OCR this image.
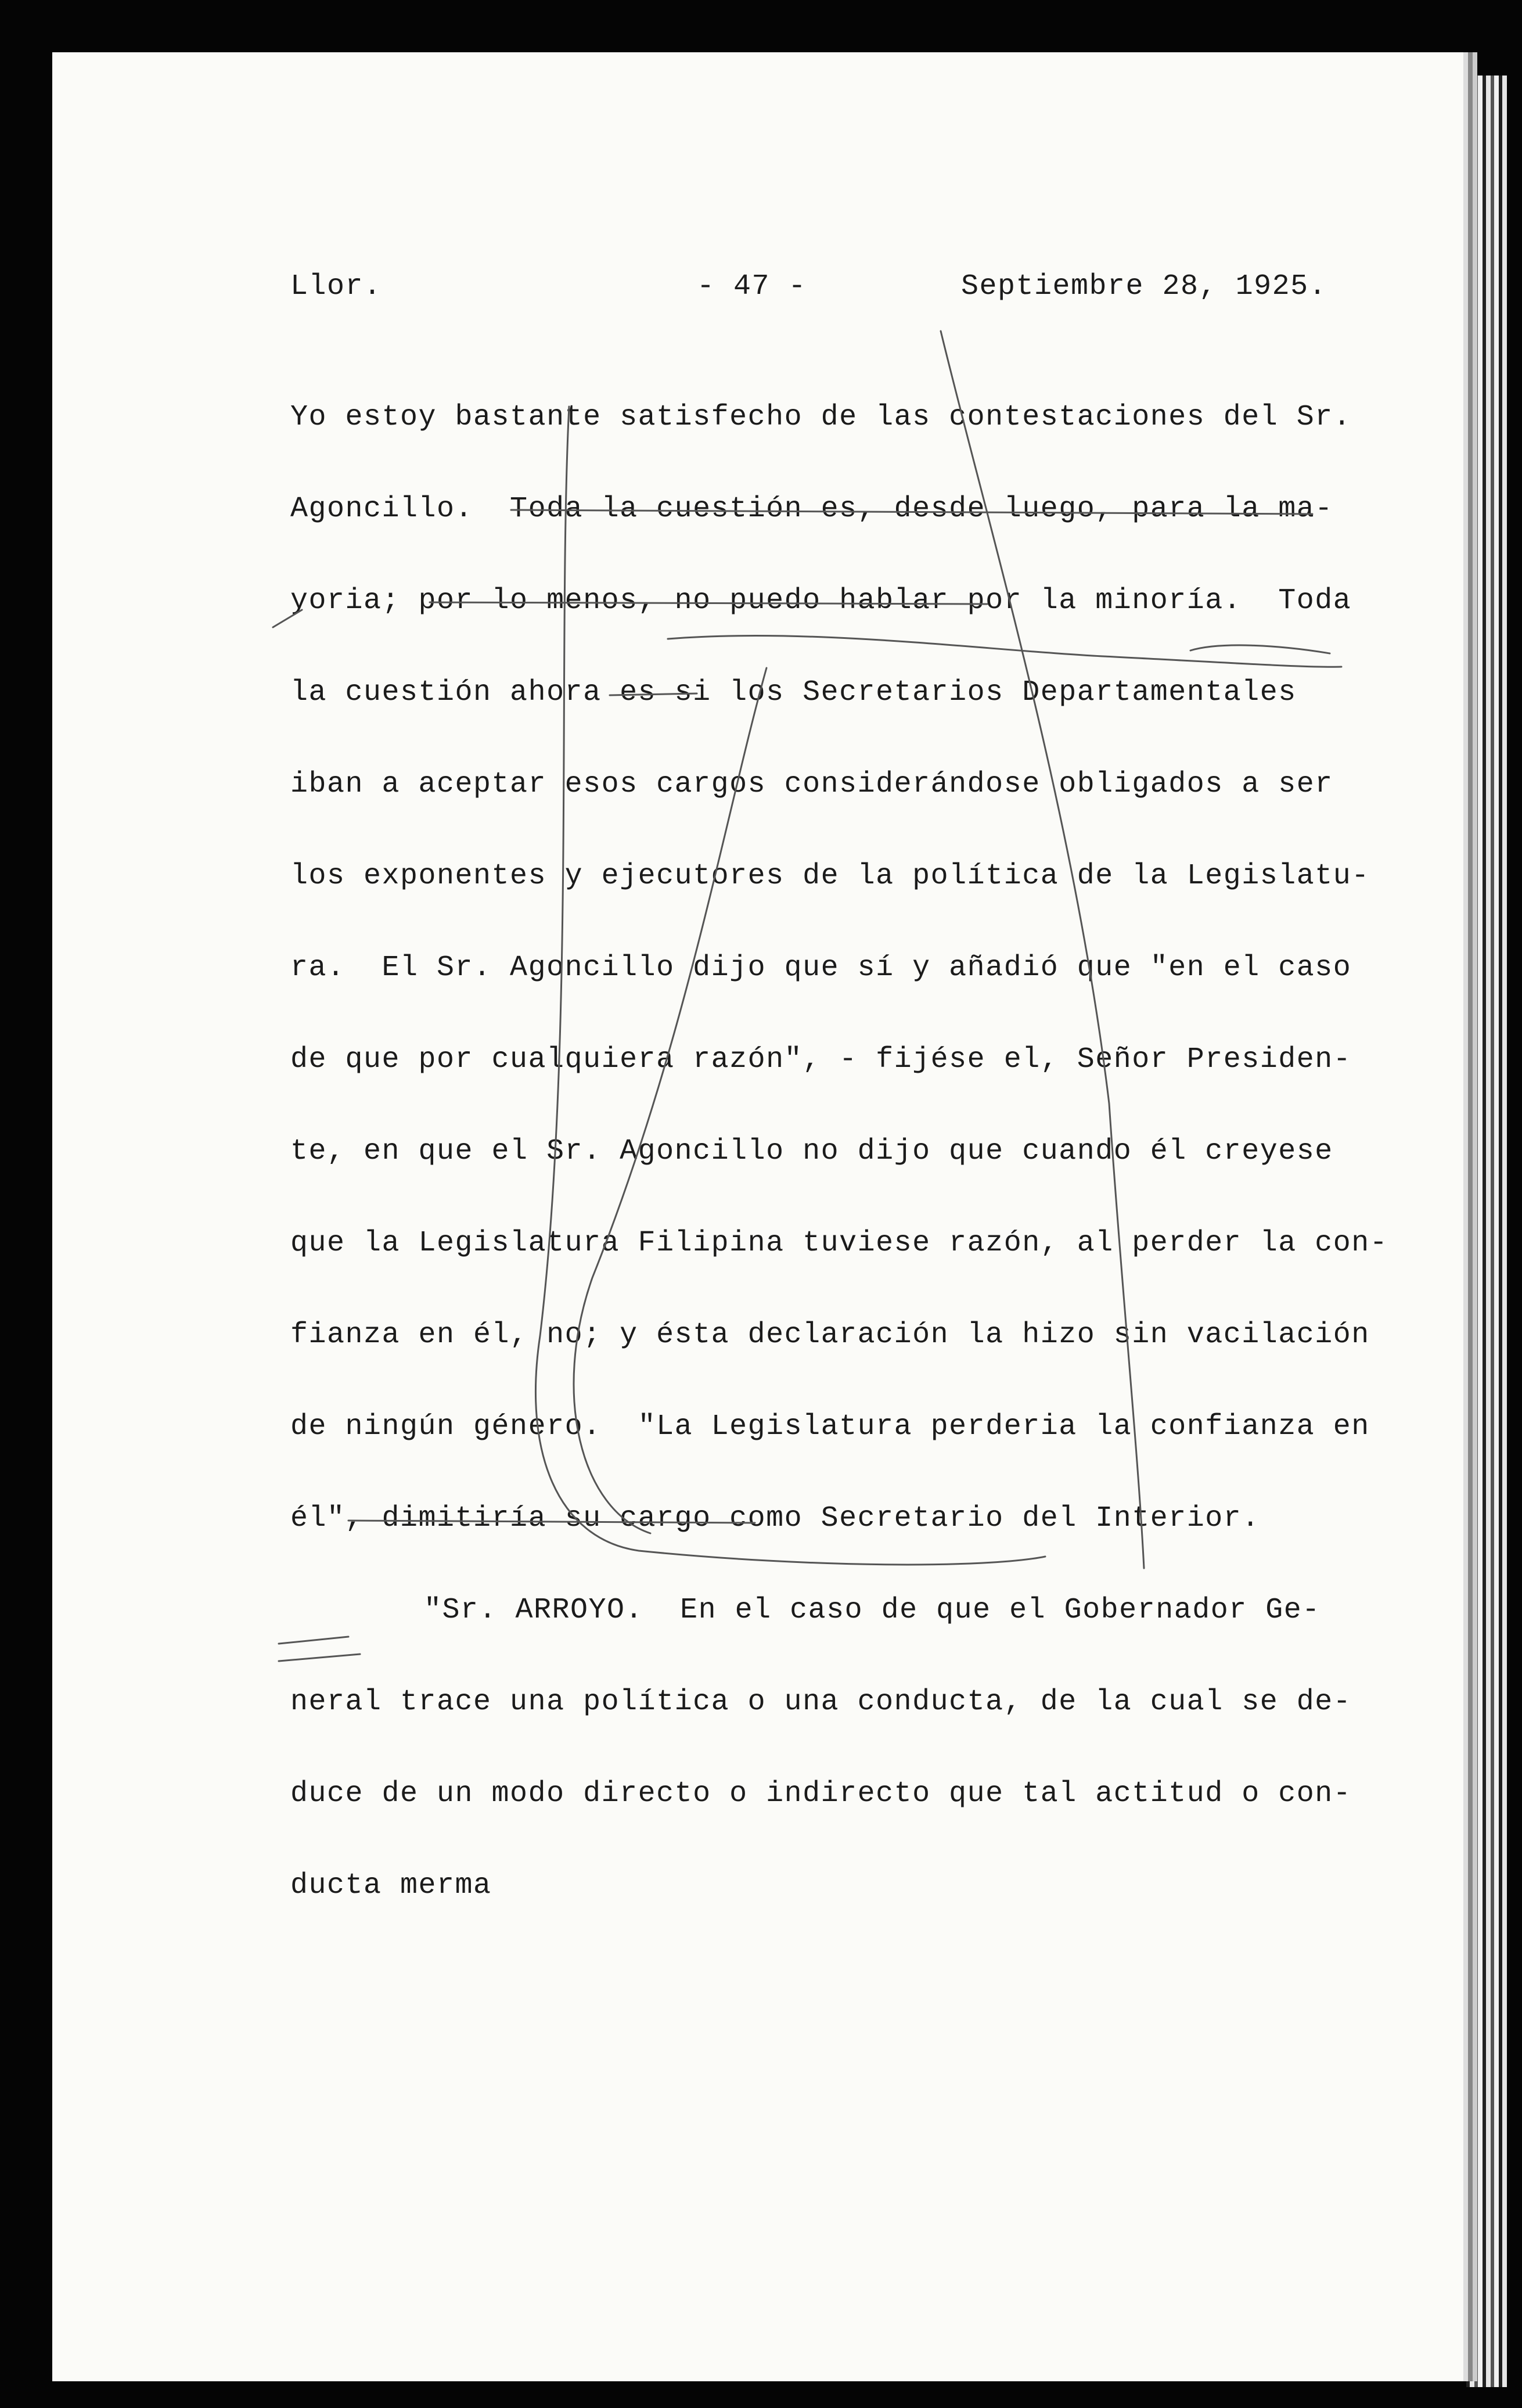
Llor.	- 47 -	Septiembre 28, 1925.
Yo estoy bastante satisfecho de las contestaciones del Sr.
Agoncillo.  Toda la cuestión es, desde luego, para la ma-
yoria; por lo menos, no puedo hablar por la minoría.  Toda
la cuestión ahora es si los Secretarios Departamentales
iban a aceptar esos cargos considerándose obligados a ser
los exponentes y ejecutores de la política de la Legislatu-
ra.  El Sr. Agoncillo dijo que sí y añadió que "en el caso
de que por cualquiera razón", - fijése el, Señor Presiden-
te, en que el Sr. Agoncillo no dijo que cuando él creyese
que la Legislatura Filipina tuviese razón, al perder la con-
fianza en él, no; y ésta declaración la hizo sin vacilación
de ningún género.  "La Legislatura perderia la confianza en
él", dimitiría su cargo como Secretario del Interior.
"Sr. ARROYO.  En el caso de que el Gobernador Ge-
neral trace una política o una conducta, de la cual se de-
duce de un modo directo o indirecto que tal actitud o con-
ducta merma
